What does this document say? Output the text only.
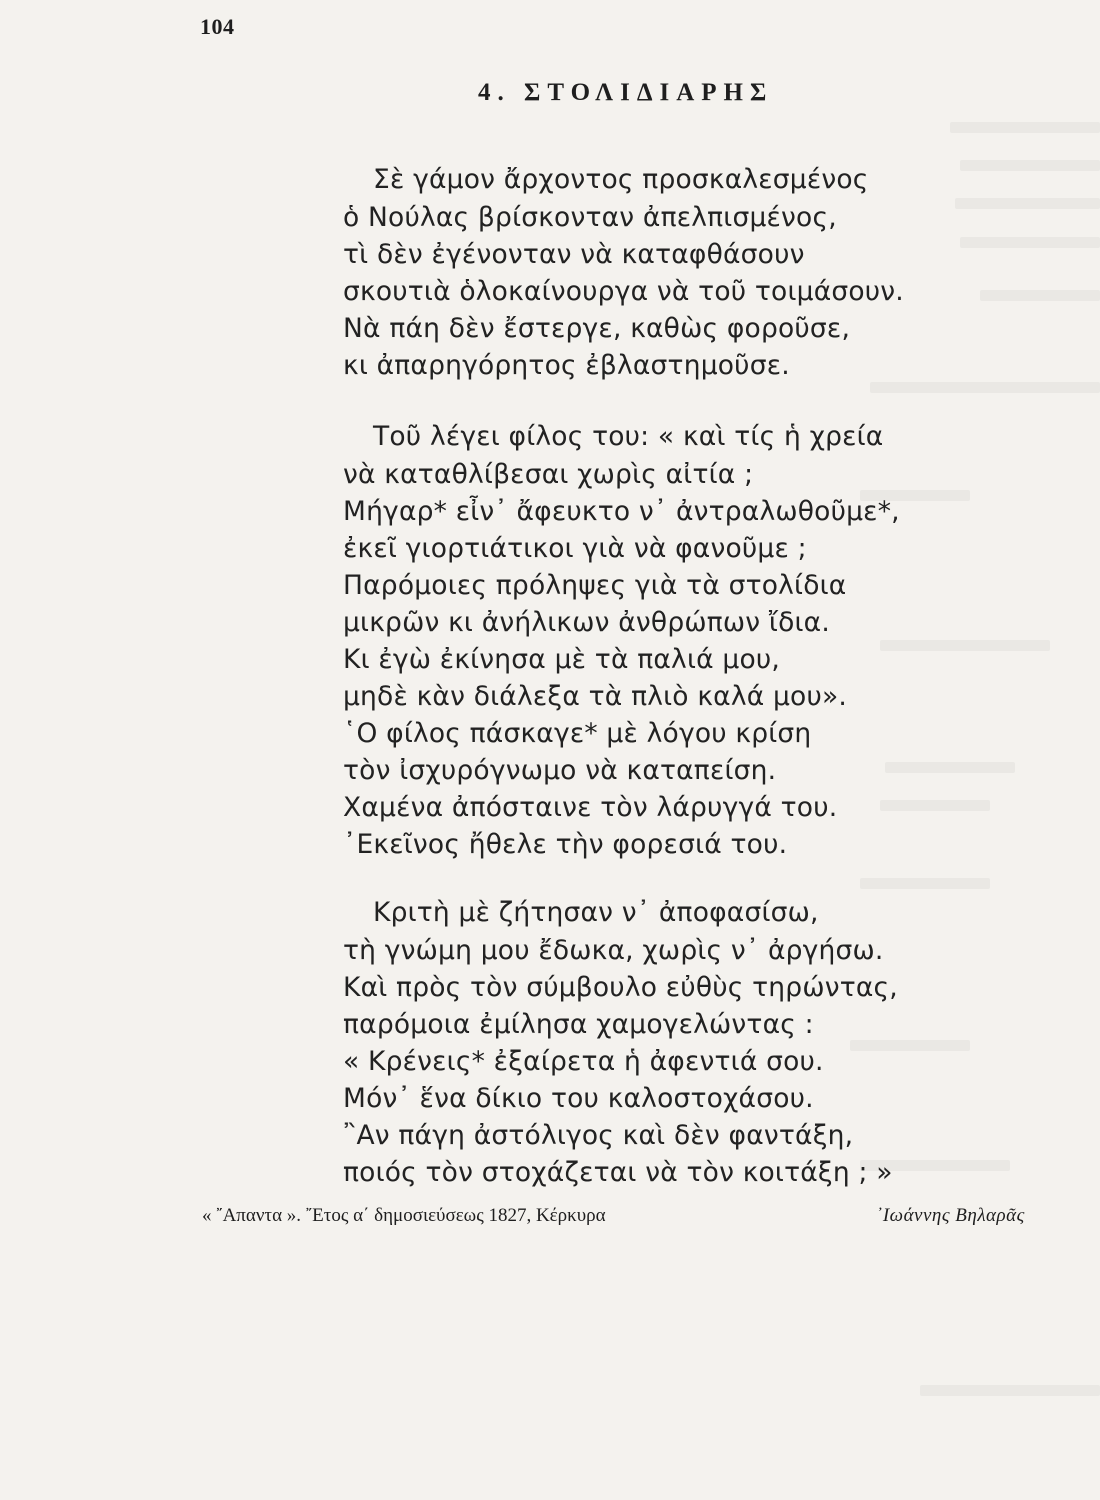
104
4. ΣΤΟΛΙΔΙΑΡΗΣ
Σὲ γάμον ἄρχοντος προσκαλεσμένος
ὁ Νούλας βρίσκονταν ἀπελπισμένος,
τὶ δὲν ἐγένονταν νὰ καταφθάσουν
σκουτιὰ ὁλοκαίνουργα νὰ τοῦ τοιμάσουν.
Νὰ πάη δὲν ἔστεργε, καθὼς φοροῦσε,
κι ἀπαρηγόρητος ἐβλαστημοῦσε.
Τοῦ λέγει φίλος του: « καὶ τίς ἡ χρεία
νὰ καταθλίβεσαι χωρὶς αἰτία ;
Μήγαρ* εἶν᾿ ἄφευκτο ν᾿ ἀντραλωθοῦμε*,
ἐκεῖ γιορτιάτικοι γιὰ νὰ φανοῦμε ;
Παρόμοιες πρόληψες γιὰ τὰ στολίδια
μικρῶν κι ἀνήλικων ἀνθρώπων ἴδια.
Κι ἐγὼ ἐκίνησα μὲ τὰ παλιά μου,
μηδὲ κὰν διάλεξα τὰ πλιὸ καλά μου».
῾Ο φίλος πάσκαγε* μὲ λόγου κρίση
τὸν ἰσχυρόγνωμο νὰ καταπείση.
Χαμένα ἀπόσταινε τὸν λάρυγγά του.
᾿Εκεῖνος ἤθελε τὴν φορεσιά του.
Κριτὴ μὲ ζήτησαν ν᾿ ἀποφασίσω,
τὴ γνώμη μου ἔδωκα, χωρὶς ν᾿ ἀργήσω.
Καὶ πρὸς τὸν σύμβουλο εὐθὺς τηρώντας,
παρόμοια ἐμίλησα χαμογελώντας :
« Κρένεις* ἐξαίρετα ἡ ἀφεντιά σου.
Μόν᾿ ἕνα δίκιο του καλοστοχάσου.
῍Αν πάγη ἀστόλιγος καὶ δὲν φαντάξη,
ποιός τὸν στοχάζεται νὰ τὸν κοιτάξη ; »
« ῎Απαντα ». ῎Ετος α΄ δημοσιεύσεως 1827, Κέρκυρα	᾿Ιωάννης Βηλαρᾶς
